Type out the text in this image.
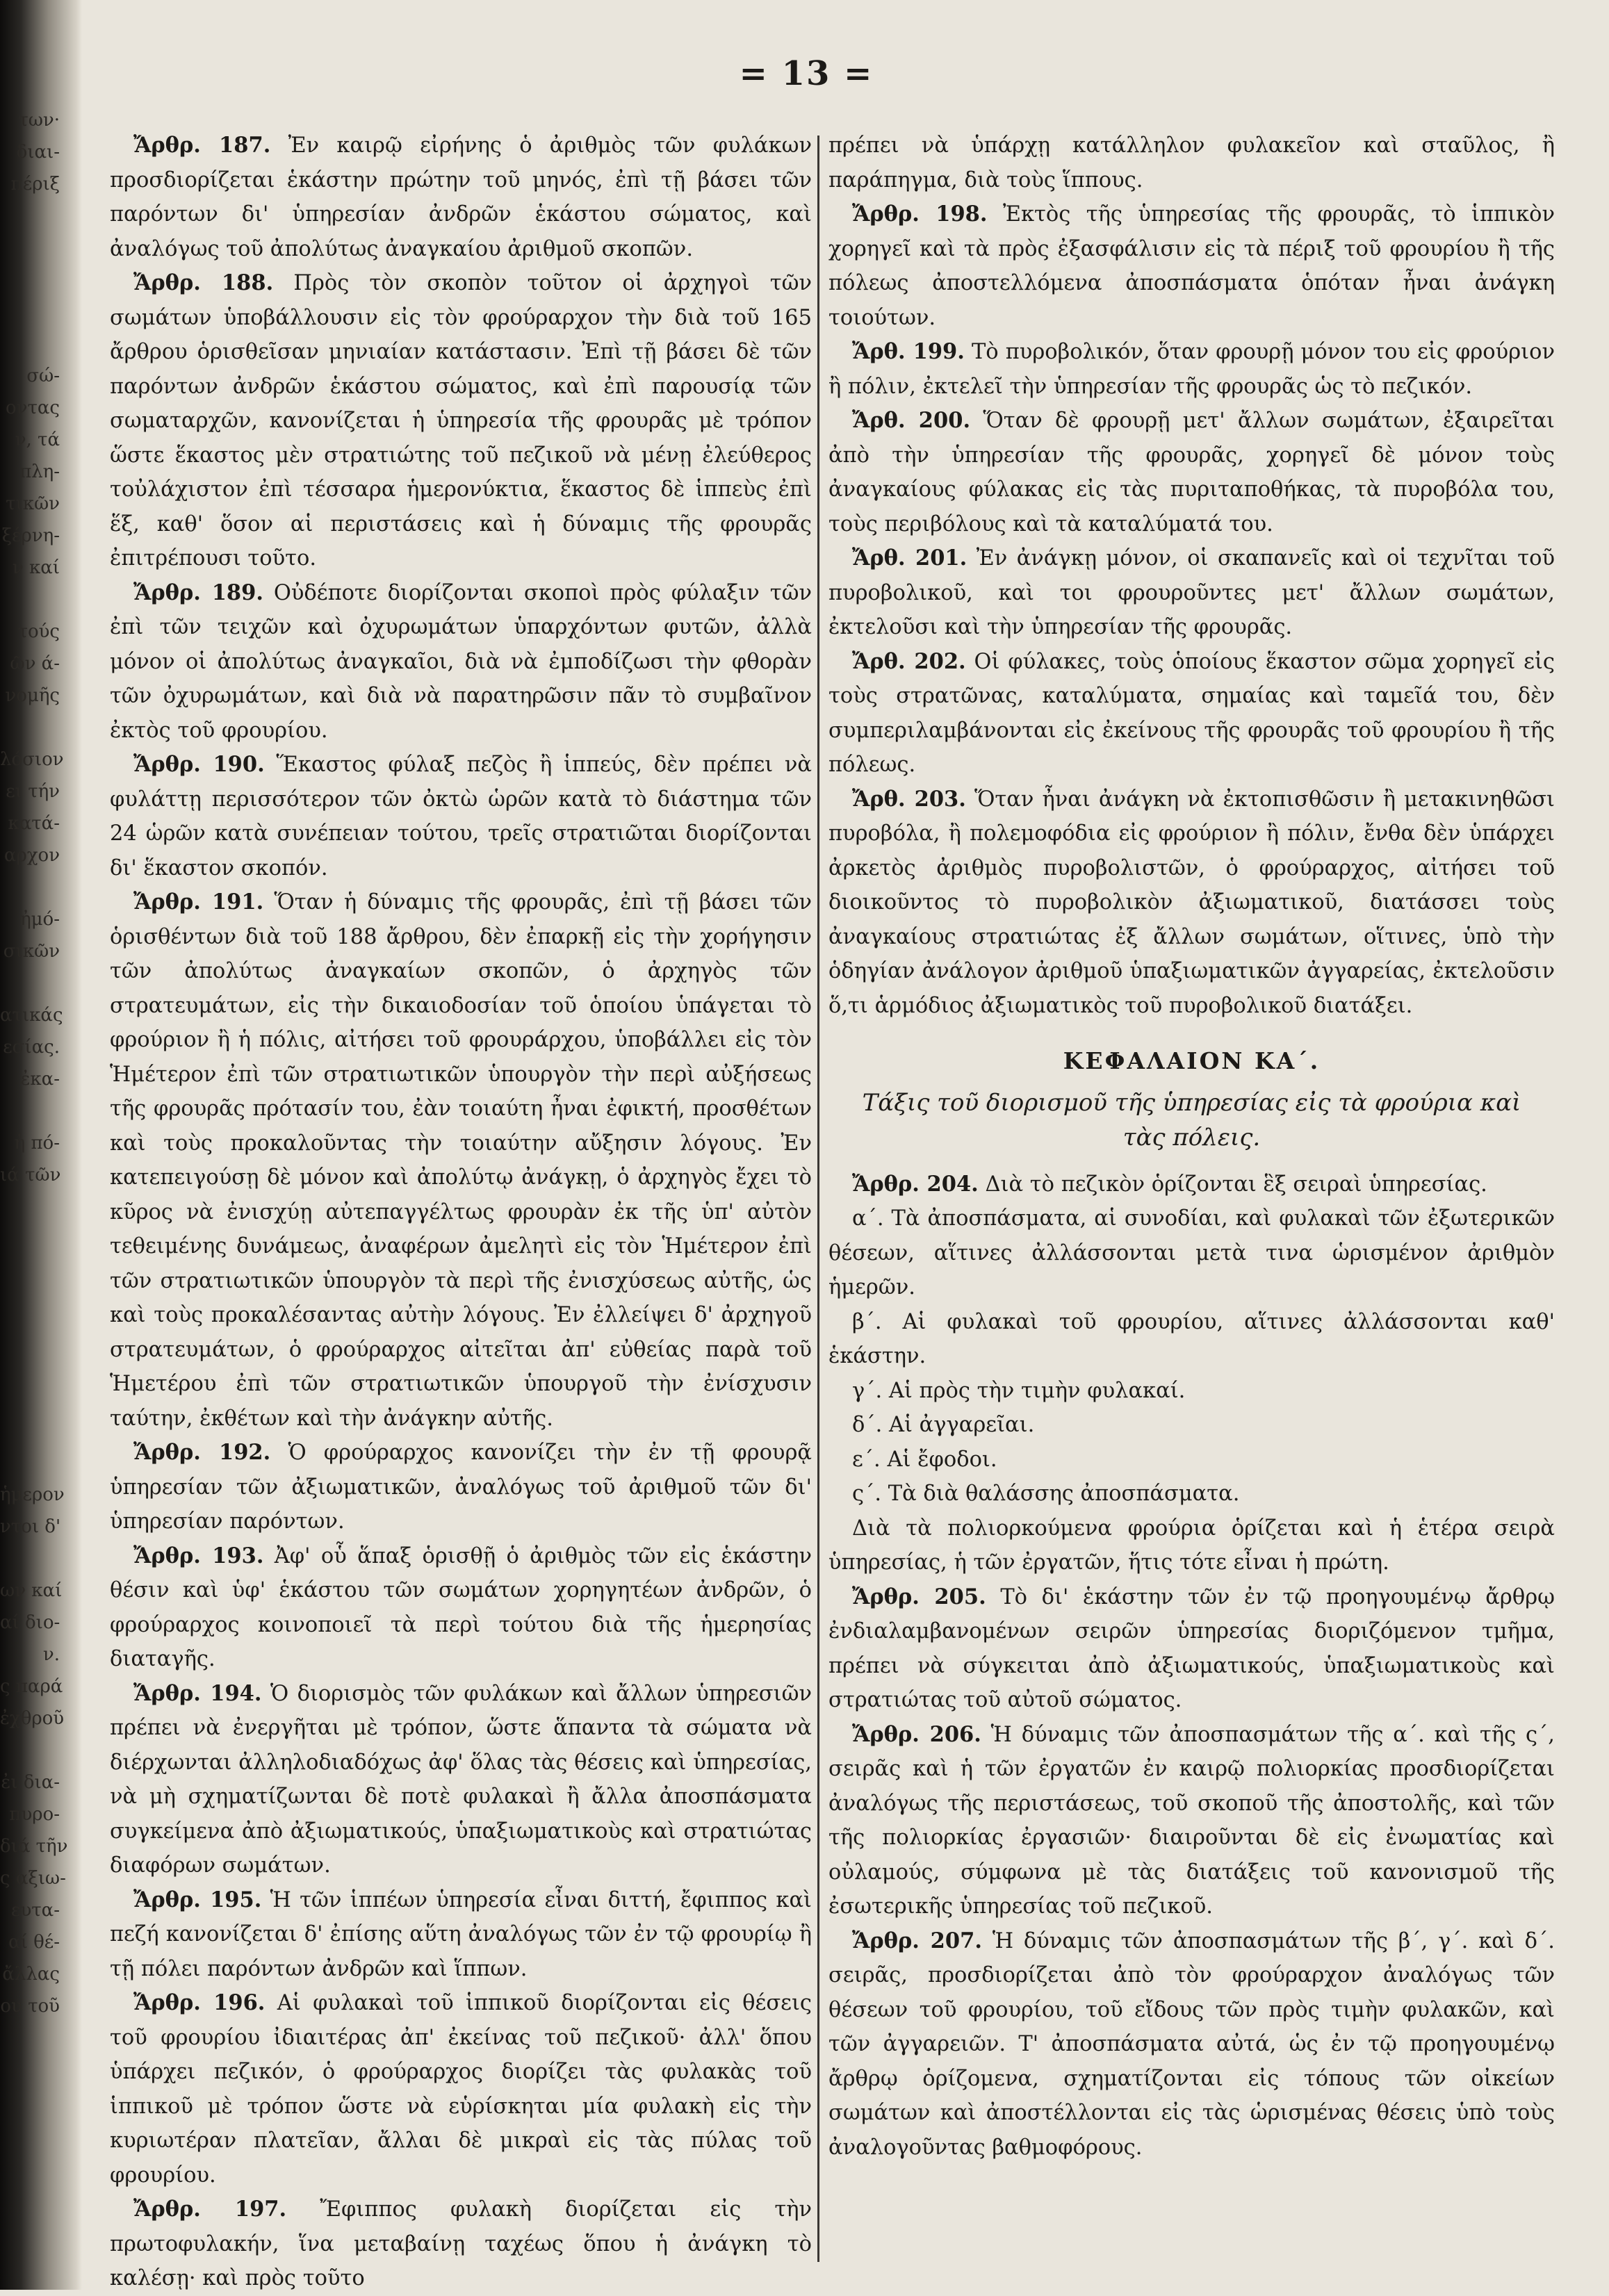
των·
διαι-
πέριξ
σώ-
οντας
ν, τά
πλη-
τικῶν
ξέρνη-
ν καί
τούς
ῶν ά-
νομῆς
λόσιον
ει τήν
κατά-
αρχον
ἠμό-
σικῶν
ατικάς
εσίας.
ἐκα-
ἡ πό-
ιά τῶν
ἡμερον
ντοι δ'
ων καί
αί διο-
ν.
ς παρά
ἐχθροῦ
ἐι δια-
πυρο-
διά τῆν
ς αξιω-
ευτα-
αί θέ-
ἄλλας
ου τοῦ
= 13 =

Ἄρθρ. 187. Ἐν καιρῷ εἰρήνης ὁ ἀριθμὸς τῶν φυλάκων προσδιορίζεται ἑκάστην πρώτην τοῦ μηνός, ἐπὶ τῇ βάσει τῶν παρόντων δι' ὑπηρεσίαν ἀνδρῶν ἑκάστου σώματος, καὶ ἀναλόγως τοῦ ἀπολύτως ἀναγκαίου ἀριθμοῦ σκοπῶν.

Ἄρθρ. 188. Πρὸς τὸν σκοπὸν τοῦτον οἱ ἀρχηγοὶ τῶν σωμάτων ὑποβάλλουσιν εἰς τὸν φρούραρχον τὴν διὰ τοῦ 165 ἄρθρου ὁρισθεῖσαν μηνιαίαν κατάστασιν. Ἐπὶ τῇ βάσει δὲ τῶν παρόντων ἀνδρῶν ἑκάστου σώματος, καὶ ἐπὶ παρουσίᾳ τῶν σωματαρχῶν, κανονίζεται ἡ ὑπηρεσία τῆς φρουρᾶς μὲ τρόπον ὥστε ἕκαστος μὲν στρατιώτης τοῦ πεζικοῦ νὰ μένῃ ἐλεύθερος τοὐλάχιστον ἐπὶ τέσσαρα ἡμερονύκτια, ἕκαστος δὲ ἱππεὺς ἐπὶ ἕξ, καθ' ὅσον αἱ περιστάσεις καὶ ἡ δύναμις τῆς φρουρᾶς ἐπιτρέπουσι τοῦτο.

Ἄρθρ. 189. Οὐδέποτε διορίζονται σκοποὶ πρὸς φύλαξιν τῶν ἐπὶ τῶν τειχῶν καὶ ὀχυρωμάτων ὑπαρχόντων φυτῶν, ἀλλὰ μόνον οἱ ἀπολύτως ἀναγκαῖοι, διὰ νὰ ἐμποδίζωσι τὴν φθορὰν τῶν ὀχυρωμάτων, καὶ διὰ νὰ παρατηρῶσιν πᾶν τὸ συμβαῖνον ἐκτὸς τοῦ φρουρίου.

Ἄρθρ. 190. Ἕκαστος φύλαξ πεζὸς ἢ ἱππεύς, δὲν πρέπει νὰ φυλάττῃ περισσότερον τῶν ὀκτὼ ὡρῶν κατὰ τὸ διάστημα τῶν 24 ὡρῶν κατὰ συνέπειαν τούτου, τρεῖς στρατιῶται διορίζονται δι' ἕκαστον σκοπόν.

Ἄρθρ. 191. Ὅταν ἡ δύναμις τῆς φρουρᾶς, ἐπὶ τῇ βάσει τῶν ὁρισθέντων διὰ τοῦ 188 ἄρθρου, δὲν ἐπαρκῇ εἰς τὴν χορήγησιν τῶν ἀπολύτως ἀναγκαίων σκοπῶν, ὁ ἀρχηγὸς τῶν στρατευμάτων, εἰς τὴν δικαιοδοσίαν τοῦ ὁποίου ὑπάγεται τὸ φρούριον ἢ ἡ πόλις, αἰτήσει τοῦ φρουράρχου, ὑποβάλλει εἰς τὸν Ἡμέτερον ἐπὶ τῶν στρατιωτικῶν ὑπουργὸν τὴν περὶ αὐξήσεως τῆς φρουρᾶς πρότασίν του, ἐὰν τοιαύτη ἦναι ἐφικτή, προσθέτων καὶ τοὺς προκαλοῦντας τὴν τοιαύτην αὔξησιν λόγους. Ἐν κατεπειγούσῃ δὲ μόνον καὶ ἀπολύτῳ ἀνάγκῃ, ὁ ἀρχηγὸς ἔχει τὸ κῦρος νὰ ἐνισχύῃ αὐτεπαγγέλτως φρουρὰν ἐκ τῆς ὑπ' αὐτὸν τεθειμένης δυνάμεως, ἀναφέρων ἀμελητὶ εἰς τὸν Ἡμέτερον ἐπὶ τῶν στρατιωτικῶν ὑπουργὸν τὰ περὶ τῆς ἐνισχύσεως αὐτῆς, ὡς καὶ τοὺς προκαλέσαντας αὐτὴν λόγους. Ἐν ἐλλείψει δ' ἀρχηγοῦ στρατευμάτων, ὁ φρούραρχος αἰτεῖται ἀπ' εὐθείας παρὰ τοῦ Ἡμετέρου ἐπὶ τῶν στρατιωτικῶν ὑπουργοῦ τὴν ἐνίσχυσιν ταύτην, ἐκθέτων καὶ τὴν ἀνάγκην αὐτῆς.

Ἄρθρ. 192. Ὁ φρούραρχος κανονίζει τὴν ἐν τῇ φρουρᾷ ὑπηρεσίαν τῶν ἀξιωματικῶν, ἀναλόγως τοῦ ἀριθμοῦ τῶν δι' ὑπηρεσίαν παρόντων.

Ἄρθρ. 193. Ἀφ' οὗ ἅπαξ ὁρισθῇ ὁ ἀριθμὸς τῶν εἰς ἑκάστην θέσιν καὶ ὑφ' ἑκάστου τῶν σωμάτων χορηγητέων ἀνδρῶν, ὁ φρούραρχος κοινοποιεῖ τὰ περὶ τούτου διὰ τῆς ἡμερησίας διαταγῆς.

Ἄρθρ. 194. Ὁ διορισμὸς τῶν φυλάκων καὶ ἄλλων ὑπηρεσιῶν πρέπει νὰ ἐνεργῆται μὲ τρόπον, ὥστε ἅπαντα τὰ σώματα νὰ διέρχωνται ἀλληλοδιαδόχως ἀφ' ὅλας τὰς θέσεις καὶ ὑπηρεσίας, νὰ μὴ σχηματίζωνται δὲ ποτὲ φυλακαὶ ἢ ἄλλα ἀποσπάσματα συγκείμενα ἀπὸ ἀξιωματικούς, ὑπαξιωματικοὺς καὶ στρατιώτας διαφόρων σωμάτων.

Ἄρθρ. 195. Ἡ τῶν ἱππέων ὑπηρεσία εἶναι διττή, ἔφιππος καὶ πεζή κανονίζεται δ' ἐπίσης αὕτη ἀναλόγως τῶν ἐν τῷ φρουρίῳ ἢ τῇ πόλει παρόντων ἀνδρῶν καὶ ἵππων.

Ἄρθρ. 196. Αἱ φυλακαὶ τοῦ ἱππικοῦ διορίζονται εἰς θέσεις τοῦ φρουρίου ἰδιαιτέρας ἀπ' ἐκείνας τοῦ πεζικοῦ· ἀλλ' ὅπου ὑπάρχει πεζικόν, ὁ φρούραρχος διορίζει τὰς φυλακὰς τοῦ ἱππικοῦ μὲ τρόπον ὥστε νὰ εὑρίσκηται μία φυλακὴ εἰς τὴν κυριωτέραν πλατεῖαν, ἄλλαι δὲ μικραὶ εἰς τὰς πύλας τοῦ φρουρίου.

Ἄρθρ. 197. Ἔφιππος φυλακὴ διορίζεται εἰς τὴν πρωτοφυλακήν, ἵνα μεταβαίνῃ ταχέως ὅπου ἡ ἀνάγκη τὸ καλέσῃ· καὶ πρὸς τοῦτο

πρέπει νὰ ὑπάρχῃ κατάλληλον φυλακεῖον καὶ σταῦλος, ἢ παράπηγμα, διὰ τοὺς ἵππους.

Ἄρθρ. 198. Ἐκτὸς τῆς ὑπηρεσίας τῆς φρουρᾶς, τὸ ἱππικὸν χορηγεῖ καὶ τὰ πρὸς ἐξασφάλισιν εἰς τὰ πέριξ τοῦ φρουρίου ἢ τῆς πόλεως ἀποστελλόμενα ἀποσπάσματα ὁπόταν ἦναι ἀνάγκη τοιούτων.

Ἄρθ. 199. Τὸ πυροβολικόν, ὅταν φρουρῇ μόνον του εἰς φρούριον ἢ πόλιν, ἐκτελεῖ τὴν ὑπηρεσίαν τῆς φρουρᾶς ὡς τὸ πεζικόν.

Ἄρθ. 200. Ὅταν δὲ φρουρῇ μετ' ἄλλων σωμάτων, ἐξαιρεῖται ἀπὸ τὴν ὑπηρεσίαν τῆς φρουρᾶς, χορηγεῖ δὲ μόνον τοὺς ἀναγκαίους φύλακας εἰς τὰς πυριταποθήκας, τὰ πυροβόλα του, τοὺς περιβόλους καὶ τὰ καταλύματά του.

Ἄρθ. 201. Ἐν ἀνάγκῃ μόνον, οἱ σκαπανεῖς καὶ οἱ τεχνῖται τοῦ πυροβολικοῦ, καὶ τοι φρουροῦντες μετ' ἄλλων σωμάτων, ἐκτελοῦσι καὶ τὴν ὑπηρεσίαν τῆς φρουρᾶς.

Ἄρθ. 202. Οἱ φύλακες, τοὺς ὁποίους ἕκαστον σῶμα χορηγεῖ εἰς τοὺς στρατῶνας, καταλύματα, σημαίας καὶ ταμεῖά του, δὲν συμπεριλαμβάνονται εἰς ἐκείνους τῆς φρουρᾶς τοῦ φρουρίου ἢ τῆς πόλεως.

Ἄρθ. 203. Ὅταν ἦναι ἀνάγκη νὰ ἐκτοπισθῶσιν ἢ μετακινηθῶσι πυροβόλα, ἢ πολεμοφόδια εἰς φρούριον ἢ πόλιν, ἔνθα δὲν ὑπάρχει ἀρκετὸς ἀριθμὸς πυροβολιστῶν, ὁ φρούραρχος, αἰτήσει τοῦ διοικοῦντος τὸ πυροβολικὸν ἀξιωματικοῦ, διατάσσει τοὺς ἀναγκαίους στρατιώτας ἐξ ἄλλων σωμάτων, οἵτινες, ὑπὸ τὴν ὁδηγίαν ἀνάλογον ἀριθμοῦ ὑπαξιωματικῶν ἀγγαρείας, ἐκτελοῦσιν ὅ,τι ἁρμόδιος ἀξιωματικὸς τοῦ πυροβολικοῦ διατάξει.

ΚΕΦΑΛΑΙΟΝ ΚΑ΄.
Τάξις τοῦ διορισμοῦ τῆς ὑπηρεσίας εἰς τὰ φρούρια καὶ τὰς πόλεις.

Ἄρθρ. 204. Διὰ τὸ πεζικὸν ὁρίζονται ἓξ σειραὶ ὑπηρεσίας.

α΄. Τὰ ἀποσπάσματα, αἱ συνοδίαι, καὶ φυλακαὶ τῶν ἐξωτερικῶν θέσεων, αἵτινες ἀλλάσσονται μετὰ τινα ὡρισμένον ἀριθμὸν ἡμερῶν.

β΄. Αἱ φυλακαὶ τοῦ φρουρίου, αἵτινες ἀλλάσσονται καθ' ἑκάστην.

γ΄. Αἱ πρὸς τὴν τιμὴν φυλακαί.

δ΄. Αἱ ἀγγαρεῖαι.

ε΄. Αἱ ἔφοδοι.

ς΄. Τὰ διὰ θαλάσσης ἀποσπάσματα.

Διὰ τὰ πολιορκούμενα φρούρια ὁρίζεται καὶ ἡ ἑτέρα σειρὰ ὑπηρεσίας, ἡ τῶν ἐργατῶν, ἥτις τότε εἶναι ἡ πρώτη.

Ἄρθρ. 205. Τὸ δι' ἑκάστην τῶν ἐν τῷ προηγουμένῳ ἄρθρῳ ἐνδιαλαμβανομένων σειρῶν ὑπηρεσίας διοριζόμενον τμῆμα, πρέπει νὰ σύγκειται ἀπὸ ἀξιωματικούς, ὑπαξιωματικοὺς καὶ στρατιώτας τοῦ αὐτοῦ σώματος.

Ἄρθρ. 206. Ἡ δύναμις τῶν ἀποσπασμάτων τῆς α΄. καὶ τῆς ς΄, σειρᾶς καὶ ἡ τῶν ἐργατῶν ἐν καιρῷ πολιορκίας προσδιορίζεται ἀναλόγως τῆς περιστάσεως, τοῦ σκοποῦ τῆς ἀποστολῆς, καὶ τῶν τῆς πολιορκίας ἐργασιῶν· διαιροῦνται δὲ εἰς ἐνωματίας καὶ οὐλαμούς, σύμφωνα μὲ τὰς διατάξεις τοῦ κανονισμοῦ τῆς ἐσωτερικῆς ὑπηρεσίας τοῦ πεζικοῦ.

Ἄρθρ. 207. Ἡ δύναμις τῶν ἀποσπασμάτων τῆς β΄, γ΄. καὶ δ΄. σειρᾶς, προσδιορίζεται ἀπὸ τὸν φρούραρχον ἀναλόγως τῶν θέσεων τοῦ φρουρίου, τοῦ εἴδους τῶν πρὸς τιμὴν φυλακῶν, καὶ τῶν ἀγγαρειῶν. Τ' ἀποσπάσματα αὐτά, ὡς ἐν τῷ προηγουμένῳ ἄρθρῳ ὁρίζομενα, σχηματίζονται εἰς τόπους τῶν οἰκείων σωμάτων καὶ ἀποστέλλονται εἰς τὰς ὡρισμένας θέσεις ὑπὸ τοὺς ἀναλογοῦντας βαθμοφόρους.
